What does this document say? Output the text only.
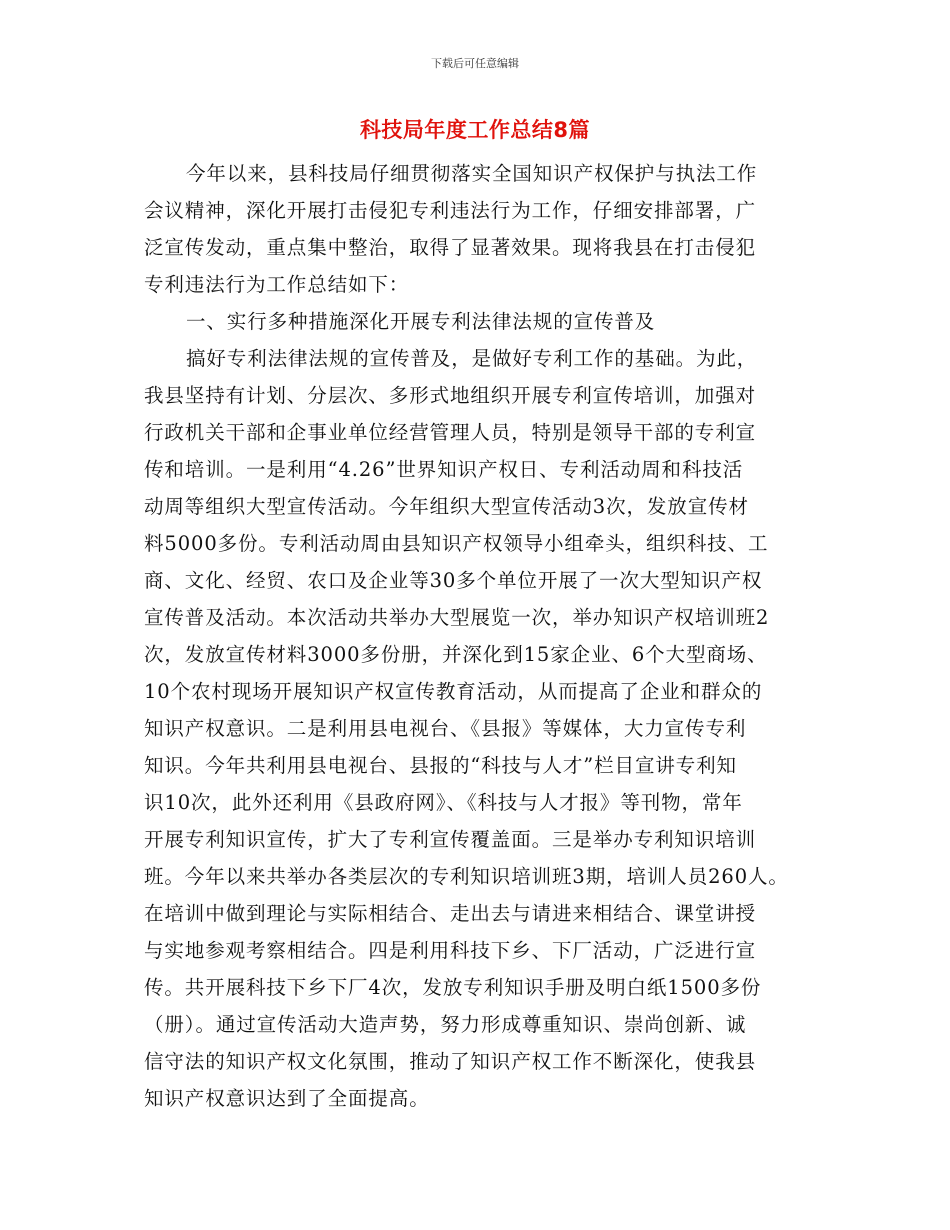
下载后可任意编辑
科技局年度工作总结8篇
今年以来，县科技局仔细贯彻落实全国知识产权保护与执法工作
会议精神，深化开展打击侵犯专利违法行为工作，仔细安排部署，广
泛宣传发动，重点集中整治，取得了显著效果。现将我县在打击侵犯
专利违法行为工作总结如下：
一、实行多种措施深化开展专利法律法规的宣传普及
搞好专利法律法规的宣传普及，是做好专利工作的基础。为此，
我县坚持有计划、分层次、多形式地组织开展专利宣传培训，加强对
行政机关干部和企事业单位经营管理人员，特别是领导干部的专利宣
传和培训。一是利用“4.26”世界知识产权日、专利活动周和科技活
动周等组织大型宣传活动。今年组织大型宣传活动3次，发放宣传材
料5000多份。专利活动周由县知识产权领导小组牵头，组织科技、工
商、文化、经贸、农口及企业等30多个单位开展了一次大型知识产权
宣传普及活动。本次活动共举办大型展览一次，举办知识产权培训班2
次，发放宣传材料3000多份册，并深化到15家企业、6个大型商场、
10个农村现场开展知识产权宣传教育活动，从而提高了企业和群众的
知识产权意识。二是利用县电视台、《县报》等媒体，大力宣传专利
知识。今年共利用县电视台、县报的“科技与人才”栏目宣讲专利知
识10次，此外还利用《县政府网》、《科技与人才报》等刊物，常年
开展专利知识宣传，扩大了专利宣传覆盖面。三是举办专利知识培训
班。今年以来共举办各类层次的专利知识培训班3期，培训人员260人。
在培训中做到理论与实际相结合、走出去与请进来相结合、课堂讲授
与实地参观考察相结合。四是利用科技下乡、下厂活动，广泛进行宣
传。共开展科技下乡下厂4次，发放专利知识手册及明白纸1500多份
（册）。通过宣传活动大造声势，努力形成尊重知识、崇尚创新、诚
信守法的知识产权文化氛围，推动了知识产权工作不断深化，使我县
知识产权意识达到了全面提高。
